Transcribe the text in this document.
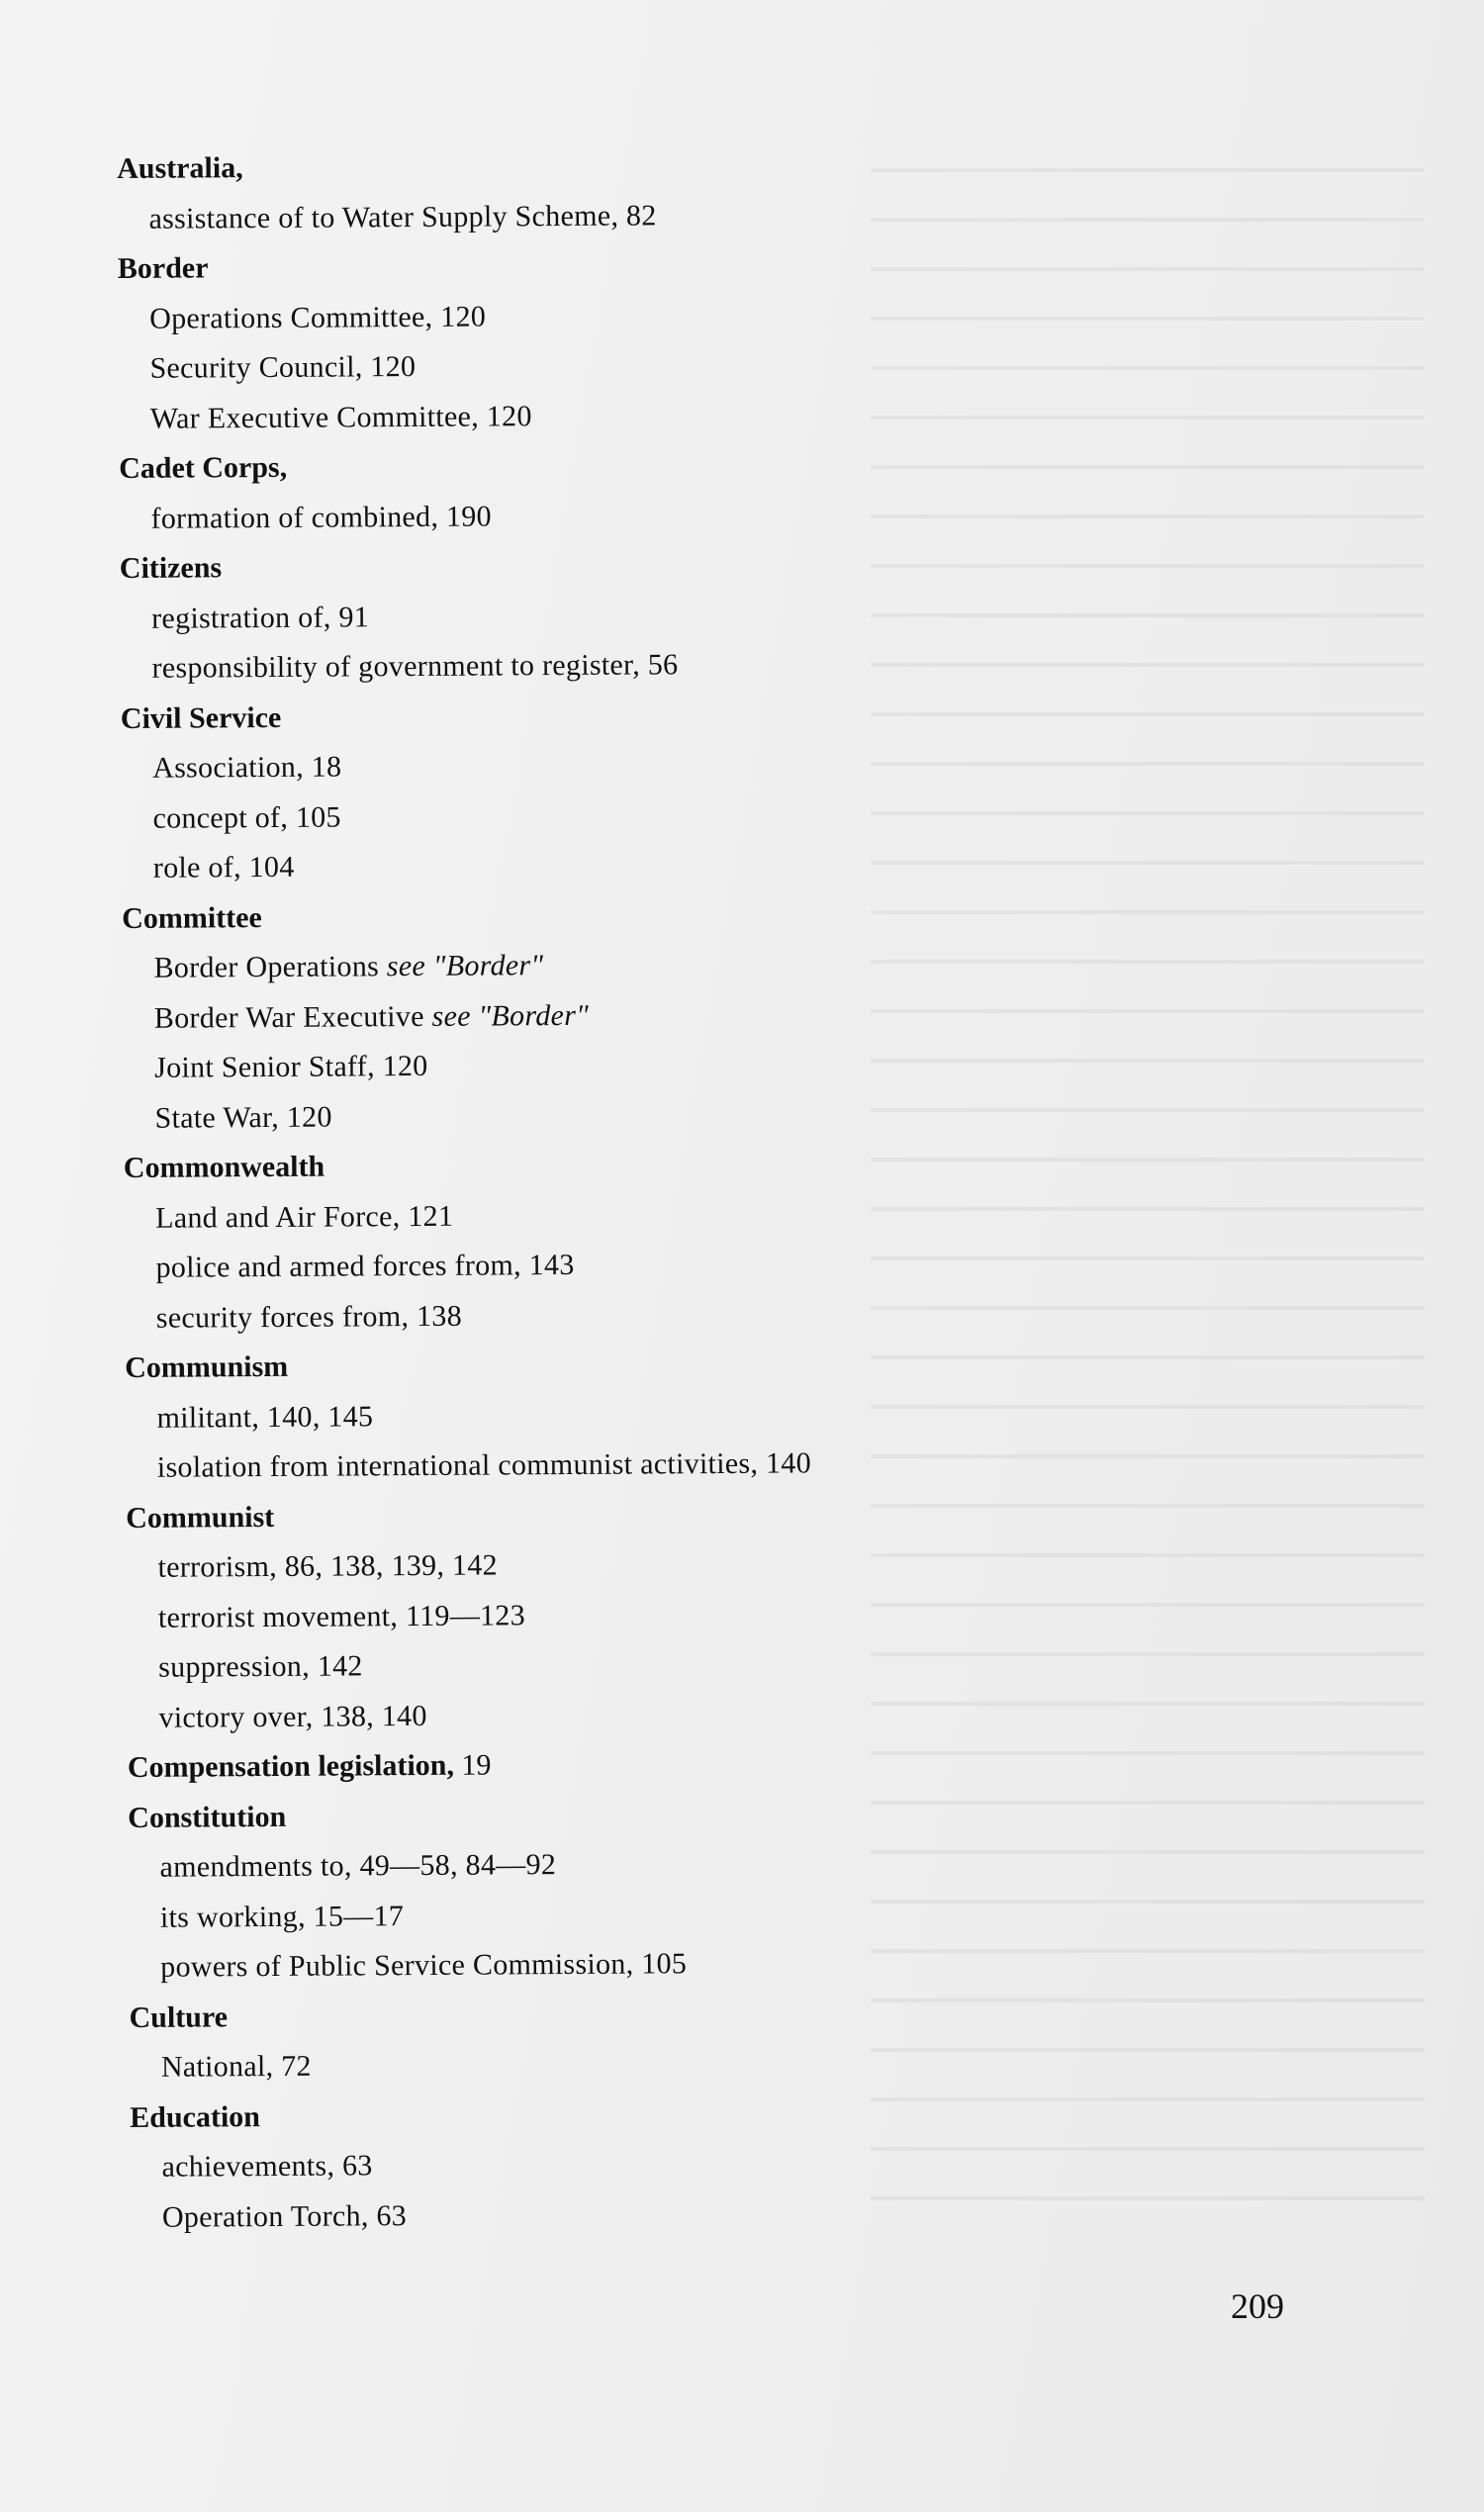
Australia,
assistance of to Water Supply Scheme, 82
Border
Operations Committee, 120
Security Council, 120
War Executive Committee, 120
Cadet Corps,
formation of combined, 190
Citizens
registration of, 91
responsibility of government to register, 56
Civil Service
Association, 18
concept of, 105
role of, 104
Committee
Border Operations see "Border"
Border War Executive see "Border"
Joint Senior Staff, 120
State War, 120
Commonwealth
Land and Air Force, 121
police and armed forces from, 143
security forces from, 138
Communism
militant, 140, 145
isolation from international communist activities, 140
Communist
terrorism, 86, 138, 139, 142
terrorist movement, 119—123
suppression, 142
victory over, 138, 140
Compensation legislation, 19
Constitution
amendments to, 49—58, 84—92
its working, 15—17
powers of Public Service Commission, 105
Culture
National, 72
Education
achievements, 63
Operation Torch, 63
209
